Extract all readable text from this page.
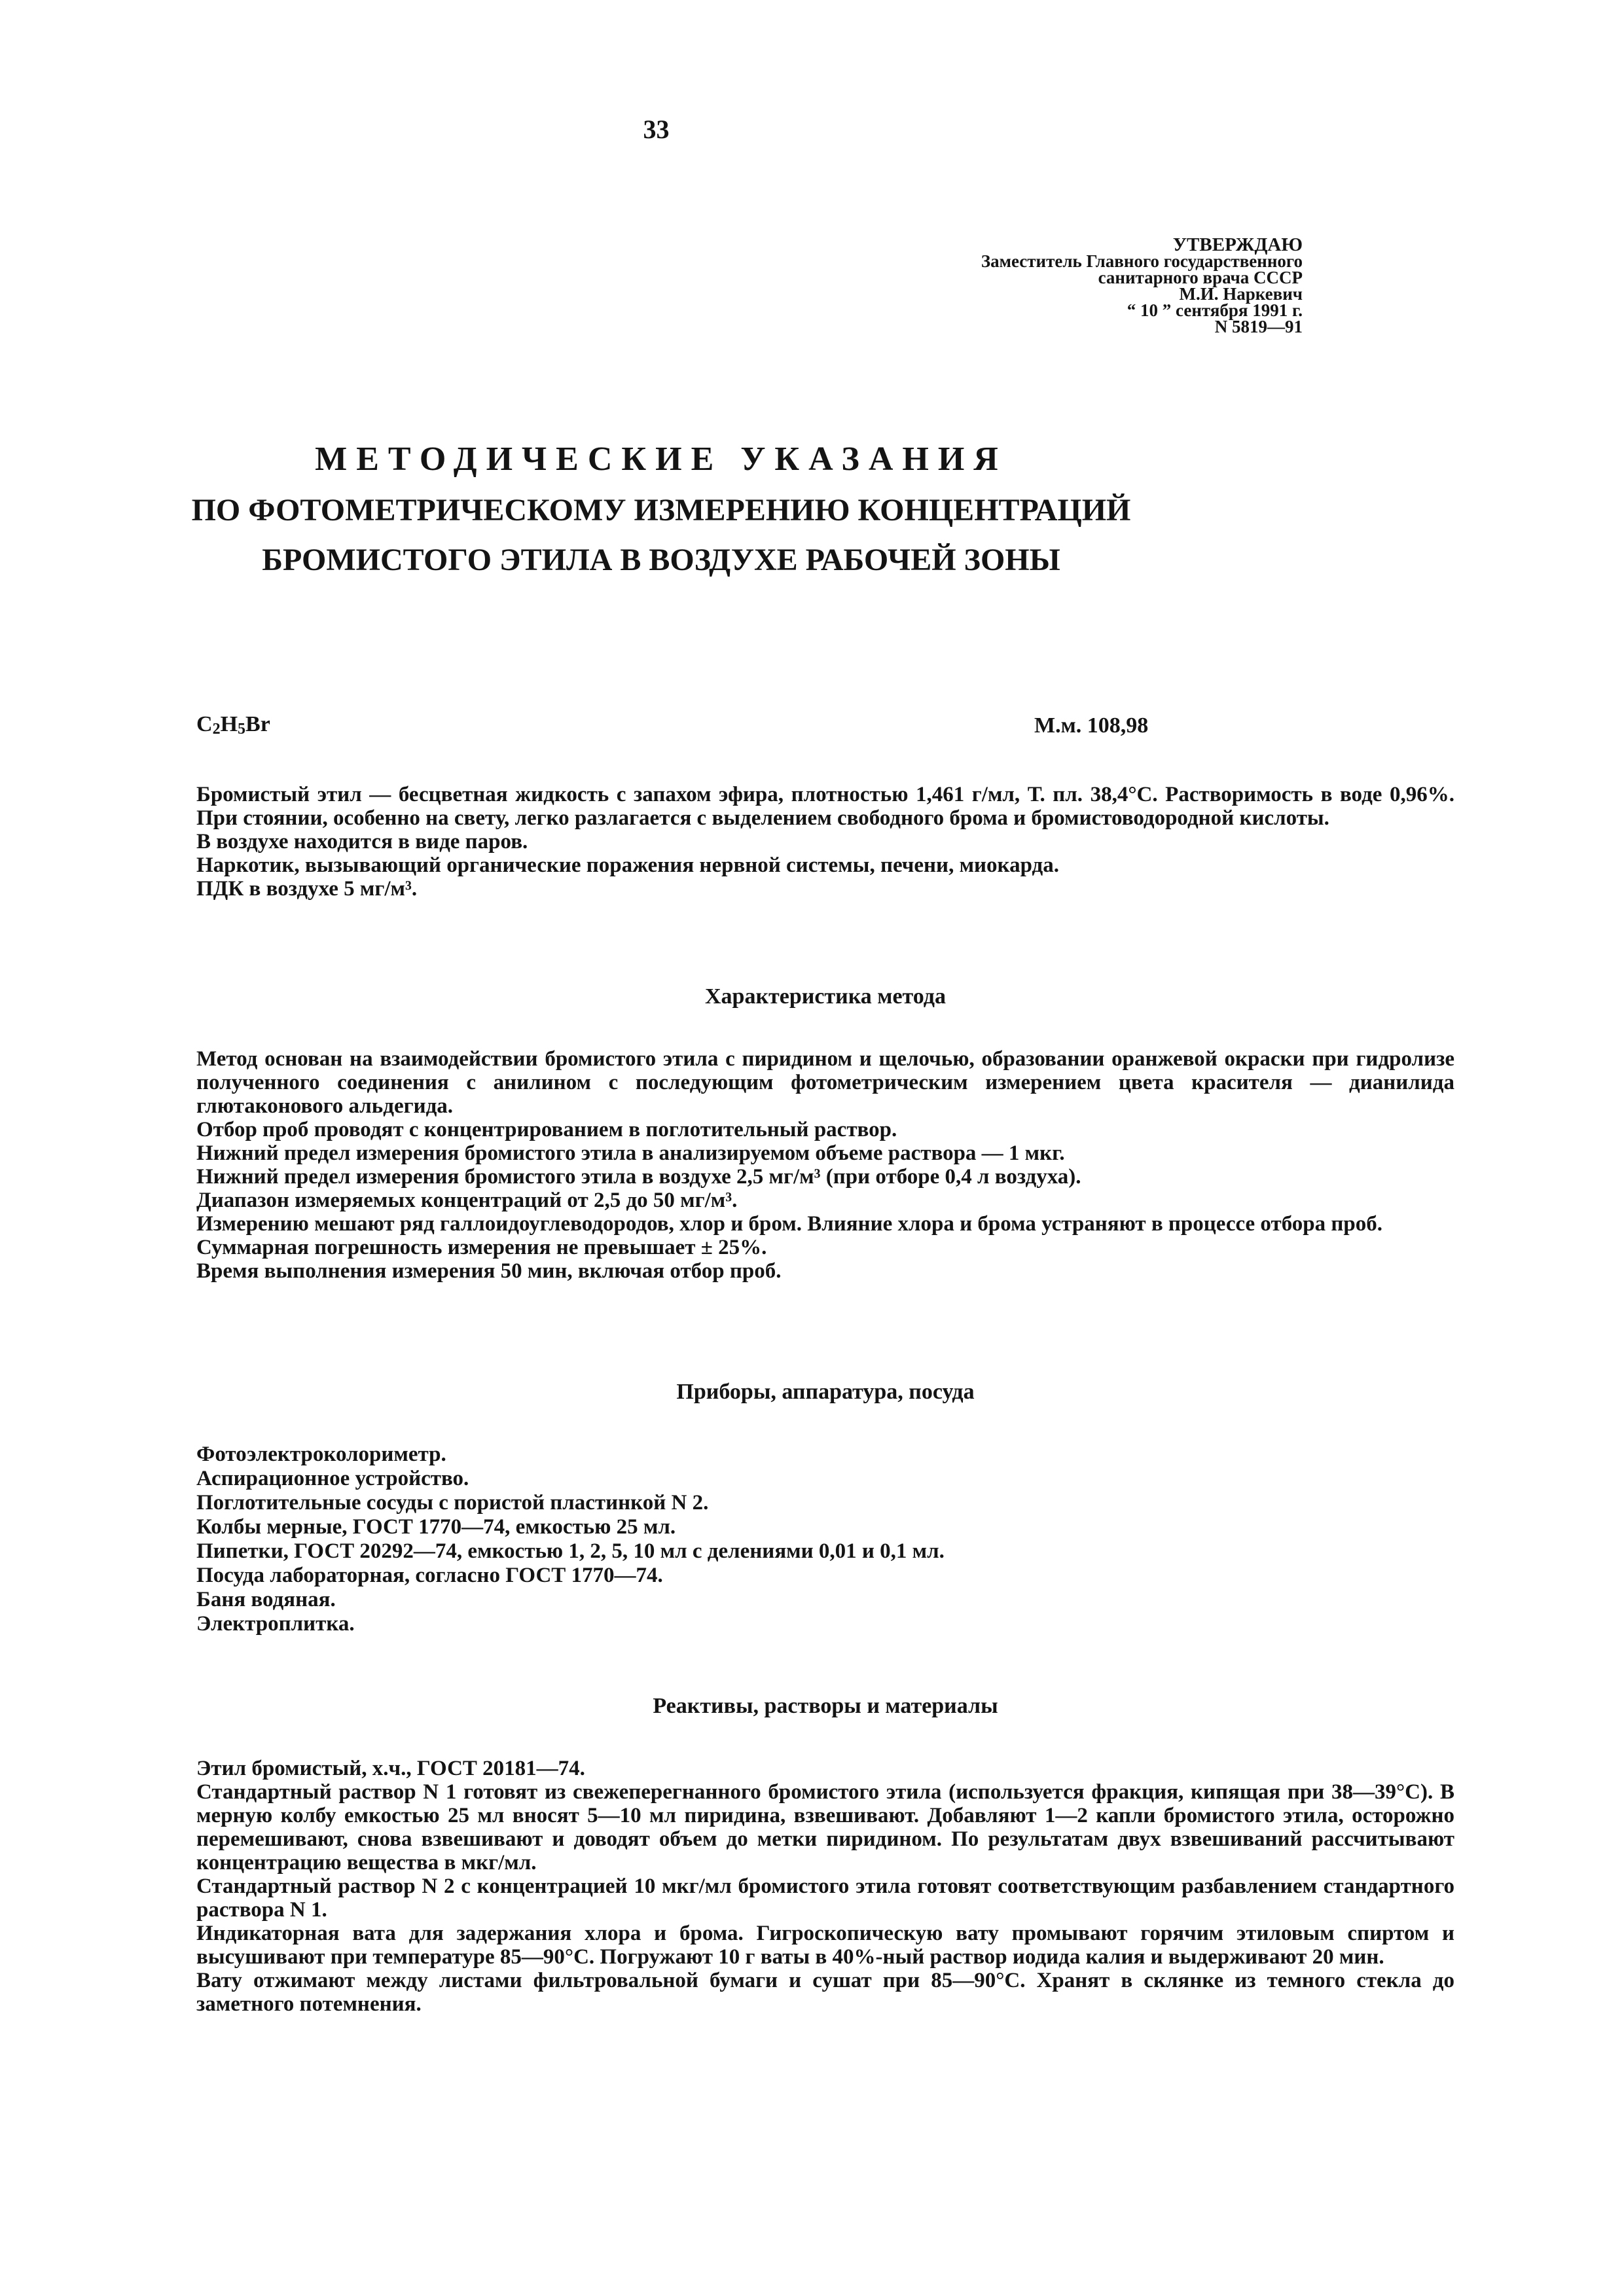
33
УТВЕРЖДАЮ
Заместитель Главного государственного
санитарного врача СССР
М.И. Наркевич
“ 10 ” сентября 1991 г.
N 5819—91
МЕТОДИЧЕСКИЕ УКАЗАНИЯ
ПО ФОТОМЕТРИЧЕСКОМУ ИЗМЕРЕНИЮ КОНЦЕНТРАЦИЙ
БРОМИСТОГО ЭТИЛА В ВОЗДУХЕ РАБОЧЕЙ ЗОНЫ
$C_2H_5Br$	М.м. 108,98

Бромистый этил — бесцветная жидкость с запахом эфира, плотностью 1,461 г/мл, Т. пл. 38,4°С. Растворимость в воде 0,96%. При стоянии, особенно на свету, легко разлагается с выделением свободного брома и бромистоводородной кислоты.

В воздухе находится в виде паров.

Наркотик, вызывающий органические поражения нервной системы, печени, миокарда.

ПДК в воздухе 5 мг/м³.

Характеристика метода

Метод основан на взаимодействии бромистого этила с пиридином и щелочью, образовании оранжевой окраски при гидролизе полученного соединения с анилином с последующим фотометрическим измерением цвета красителя — дианилида глютаконового альдегида.

Отбор проб проводят с концентрированием в поглотительный раствор.

Нижний предел измерения бромистого этила в анализируемом объеме раствора — 1 мкг.

Нижний предел измерения бромистого этила в воздухе 2,5 мг/м³ (при отборе 0,4 л воздуха).

Диапазон измеряемых концентраций от 2,5 до 50 мг/м³.

Измерению мешают ряд галлоидоуглеводородов, хлор и бром. Влияние хлора и брома устраняют в процессе отбора проб.

Суммарная погрешность измерения не превышает ± 25%.

Время выполнения измерения 50 мин, включая отбор проб.

Приборы, аппаратура, посуда

Фотоэлектроколориметр.

Аспирационное устройство.

Поглотительные сосуды с пористой пластинкой N 2.

Колбы мерные, ГОСТ 1770—74, емкостью 25 мл.

Пипетки, ГОСТ 20292—74, емкостью 1, 2, 5, 10 мл с делениями 0,01 и 0,1 мл.

Посуда лабораторная, согласно ГОСТ 1770—74.

Баня водяная.

Электроплитка.

Реактивы, растворы и материалы

Этил бромистый, х.ч., ГОСТ 20181—74.

Стандартный раствор N 1 готовят из свежеперегнанного бромистого этила (используется фракция, кипящая при 38—39°С). В мерную колбу емкостью 25 мл вносят 5—10 мл пиридина, взвешивают. Добавляют 1—2 капли бромистого этила, осторожно перемешивают, снова взвешивают и доводят объем до метки пиридином. По результатам двух взвешиваний рассчитывают концентрацию вещества в мкг/мл.

Стандартный раствор N 2 с концентрацией 10 мкг/мл бромистого этила готовят соответствующим разбавлением стандартного раствора N 1.

Индикаторная вата для задержания хлора и брома. Гигроскопическую вату промывают горячим этиловым спиртом и высушивают при температуре 85—90°С. Погружают 10 г ваты в 40%-ный раствор иодида калия и выдерживают 20 мин.

Вату отжимают между листами фильтровальной бумаги и сушат при 85—90°С. Хранят в склянке из темного стекла до заметного потемнения.
